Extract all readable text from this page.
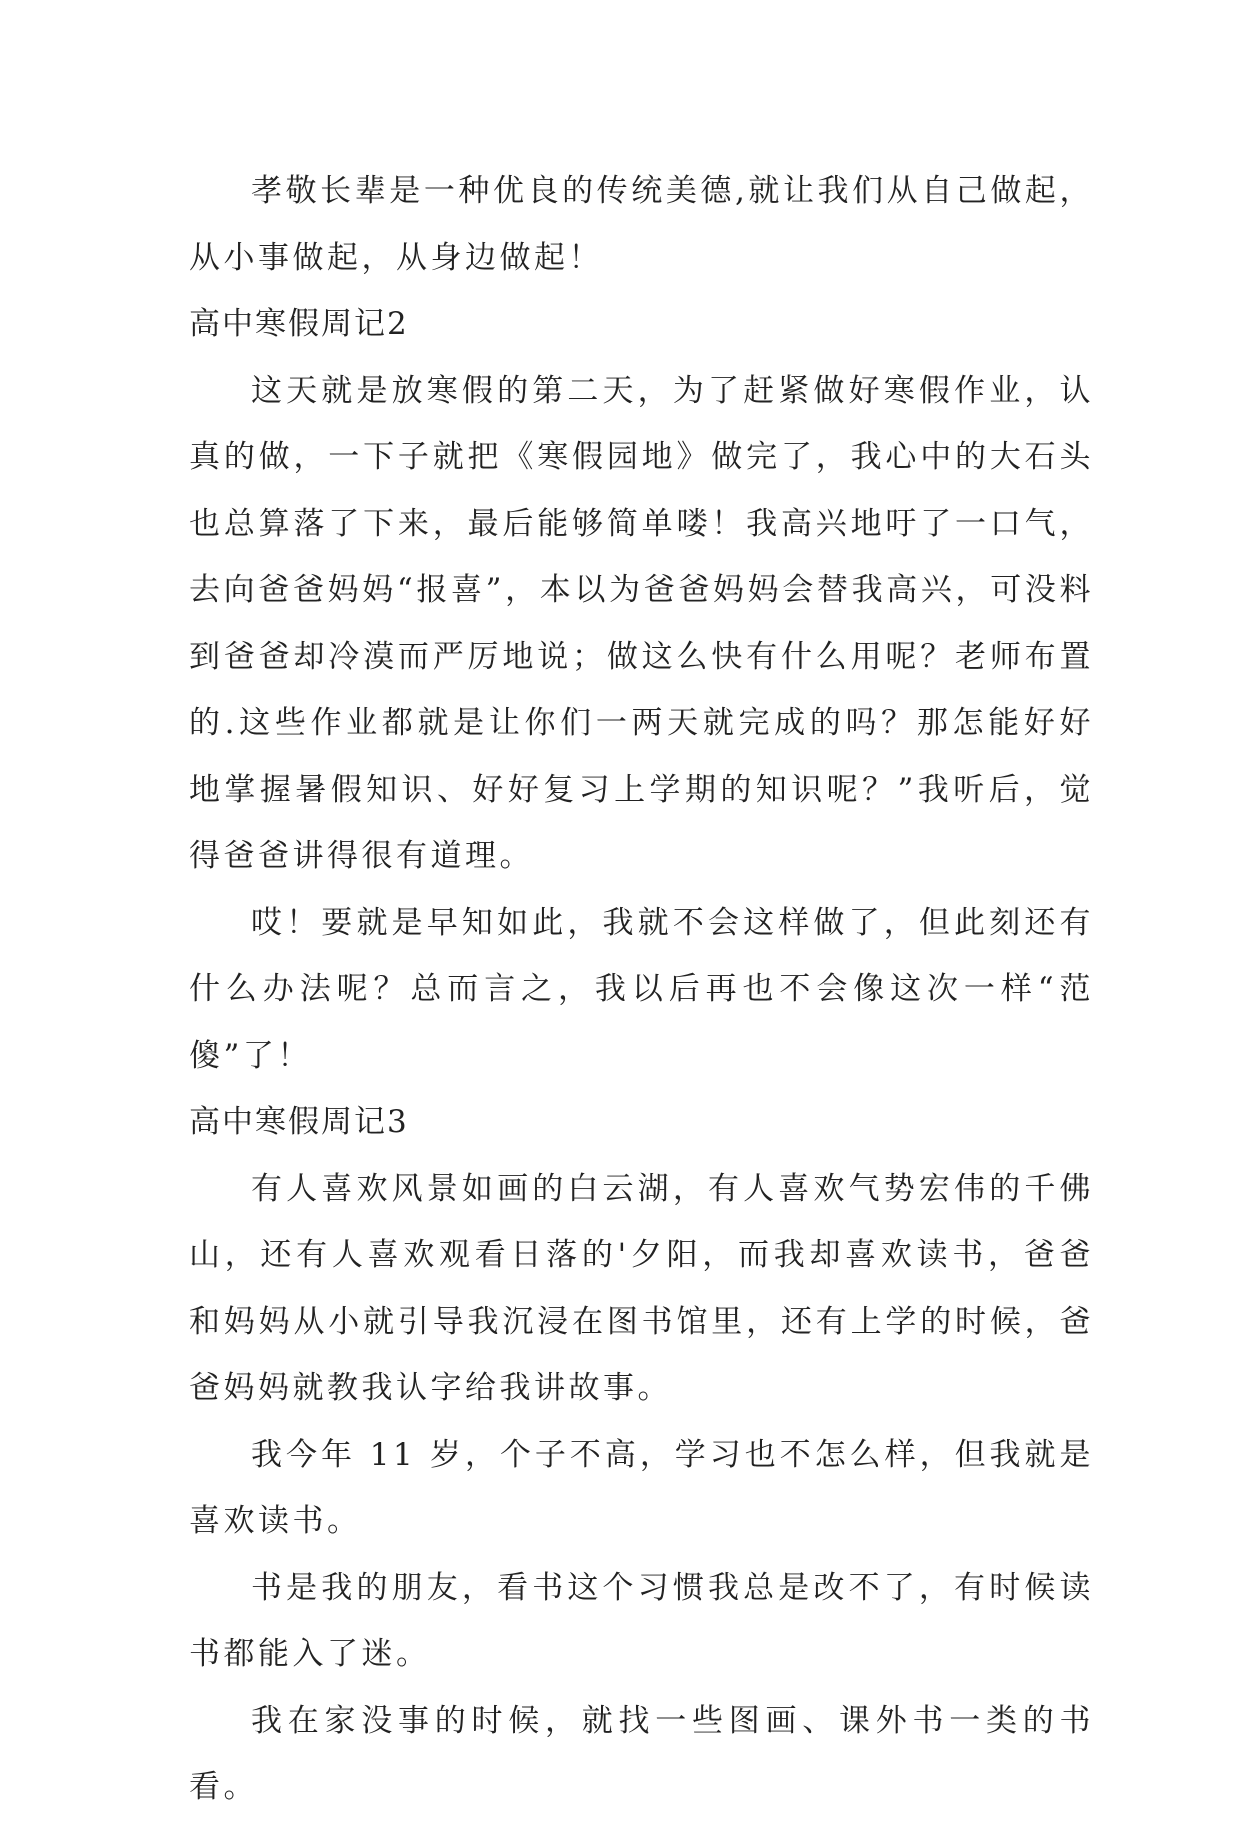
孝敬长辈是一种优良的传统美德,就让我们从自己做起，从小事做起，从身边做起！

高中寒假周记2

这天就是放寒假的第二天，为了赶紧做好寒假作业，认真的做，一下子就把《寒假园地》做完了，我心中的大石头也总算落了下来，最后能够简单喽！我高兴地吁了一口气，去向爸爸妈妈“报喜”，本以为爸爸妈妈会替我高兴，可没料到爸爸却冷漠而严厉地说；做这么快有什么用呢？老师布置的.这些作业都就是让你们一两天就完成的吗？那怎能好好地掌握暑假知识、好好复习上学期的知识呢？”我听后，觉得爸爸讲得很有道理。

哎！要就是早知如此，我就不会这样做了，但此刻还有什么办法呢？总而言之，我以后再也不会像这次一样“范傻”了！

高中寒假周记3

有人喜欢风景如画的白云湖，有人喜欢气势宏伟的千佛山，还有人喜欢观看日落的'夕阳，而我却喜欢读书，爸爸和妈妈从小就引导我沉浸在图书馆里，还有上学的时候，爸爸妈妈就教我认字给我讲故事。

我今年 11 岁，个子不高，学习也不怎么样，但我就是喜欢读书。

书是我的朋友，看书这个习惯我总是改不了，有时候读书都能入了迷。

我在家没事的时候，就找一些图画、课外书一类的书看。
